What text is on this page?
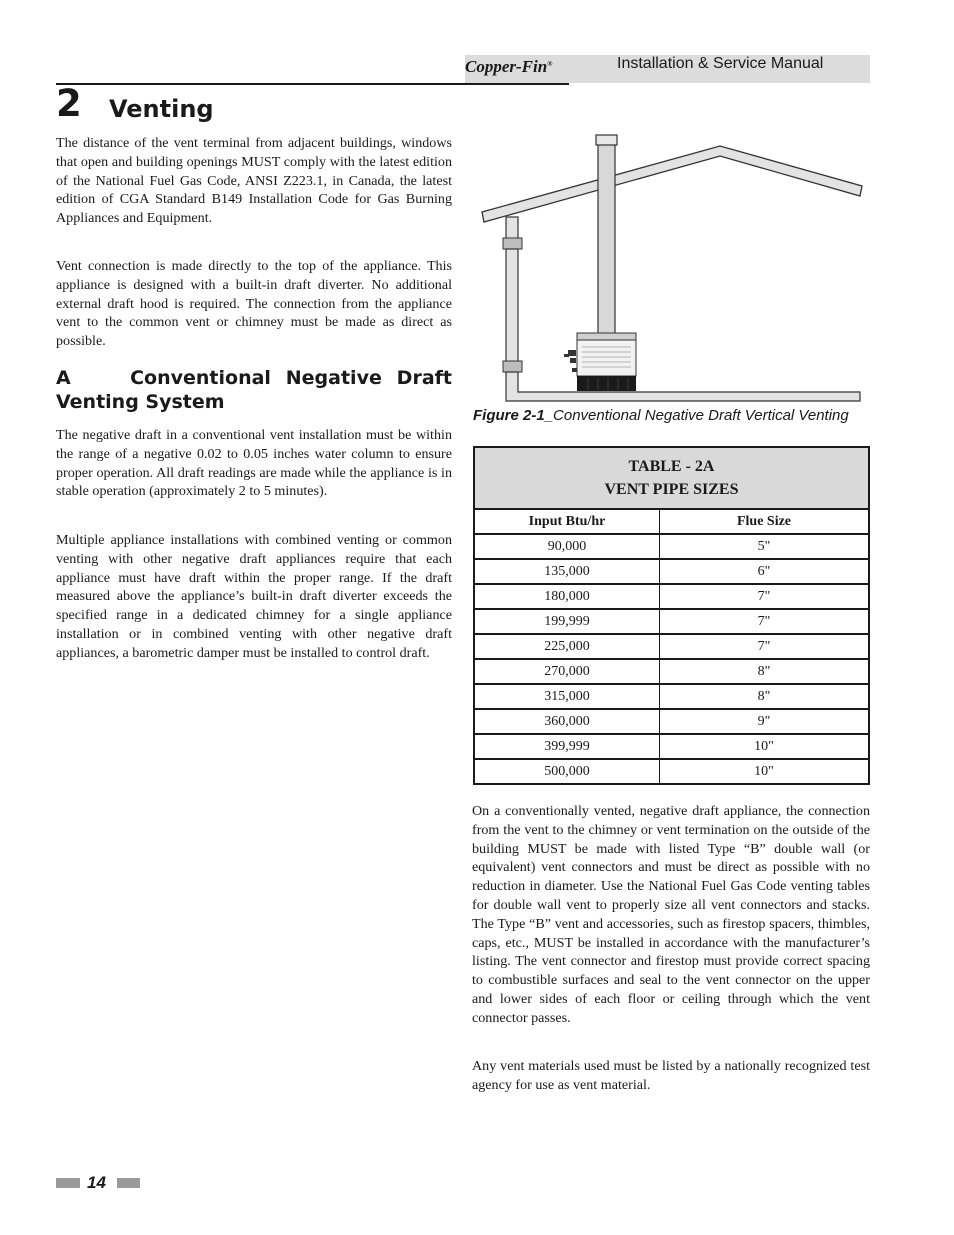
Copper-Fin®	Installation & Service Manual
2 Venting

The distance of the vent terminal from adjacent buildings, windows that open and building openings MUST comply with the latest edition of the National Fuel Gas Code, ANSI Z223.1, in Canada, the latest edition of CGA Standard B149 Installation Code for Gas Burning Appliances and Equipment.

Vent connection is made directly to the top of the appliance. This appliance is designed with a built-in draft diverter. No additional external draft hood is required. The connection from the appliance vent to the common vent or chimney must be made as direct as possible.

A	Conventional Negative Draft Venting System

The negative draft in a conventional vent installation must be within the range of a negative 0.02 to 0.05 inches water column to ensure proper operation. All draft readings are made while the appliance is in stable operation (approximately 2 to 5 minutes).

Multiple appliance installations with combined venting or common venting with other negative draft appliances require that each appliance must have draft within the proper range. If the draft measured above the appliance’s built-in draft diverter exceeds the specified range in a dedicated chimney for a single appliance installation or in combined venting with other negative draft appliances, a barometric damper must be installed to control draft.

Figure 2-1_Conventional Negative Draft Vertical Venting
TABLE - 2A
VENT PIPE SIZES	
Input Btu/hr	Flue Size
90,000	5"
135,000	6"
180,000	7"
199,999	7"
225,000	7"
270,000	8"
315,000	8"
360,000	9"
399,999	10"
500,000	10"

On a conventionally vented, negative draft appliance, the connection from the vent to the chimney or vent termination on the outside of the building MUST be made with listed Type “B” double wall (or equivalent) vent connectors and must be direct as possible with no reduction in diameter. Use the National Fuel Gas Code venting tables for double wall vent to properly size all vent connectors and stacks. The Type “B” vent and accessories, such as firestop spacers, thimbles, caps, etc., MUST be installed in accordance with the manufacturer’s listing. The vent connector and firestop must provide correct spacing to combustible surfaces and seal to the vent connector on the upper and lower sides of each floor or ceiling through which the vent connector passes.

Any vent materials used must be listed by a nationally recognized test agency for use as vent material.

14
